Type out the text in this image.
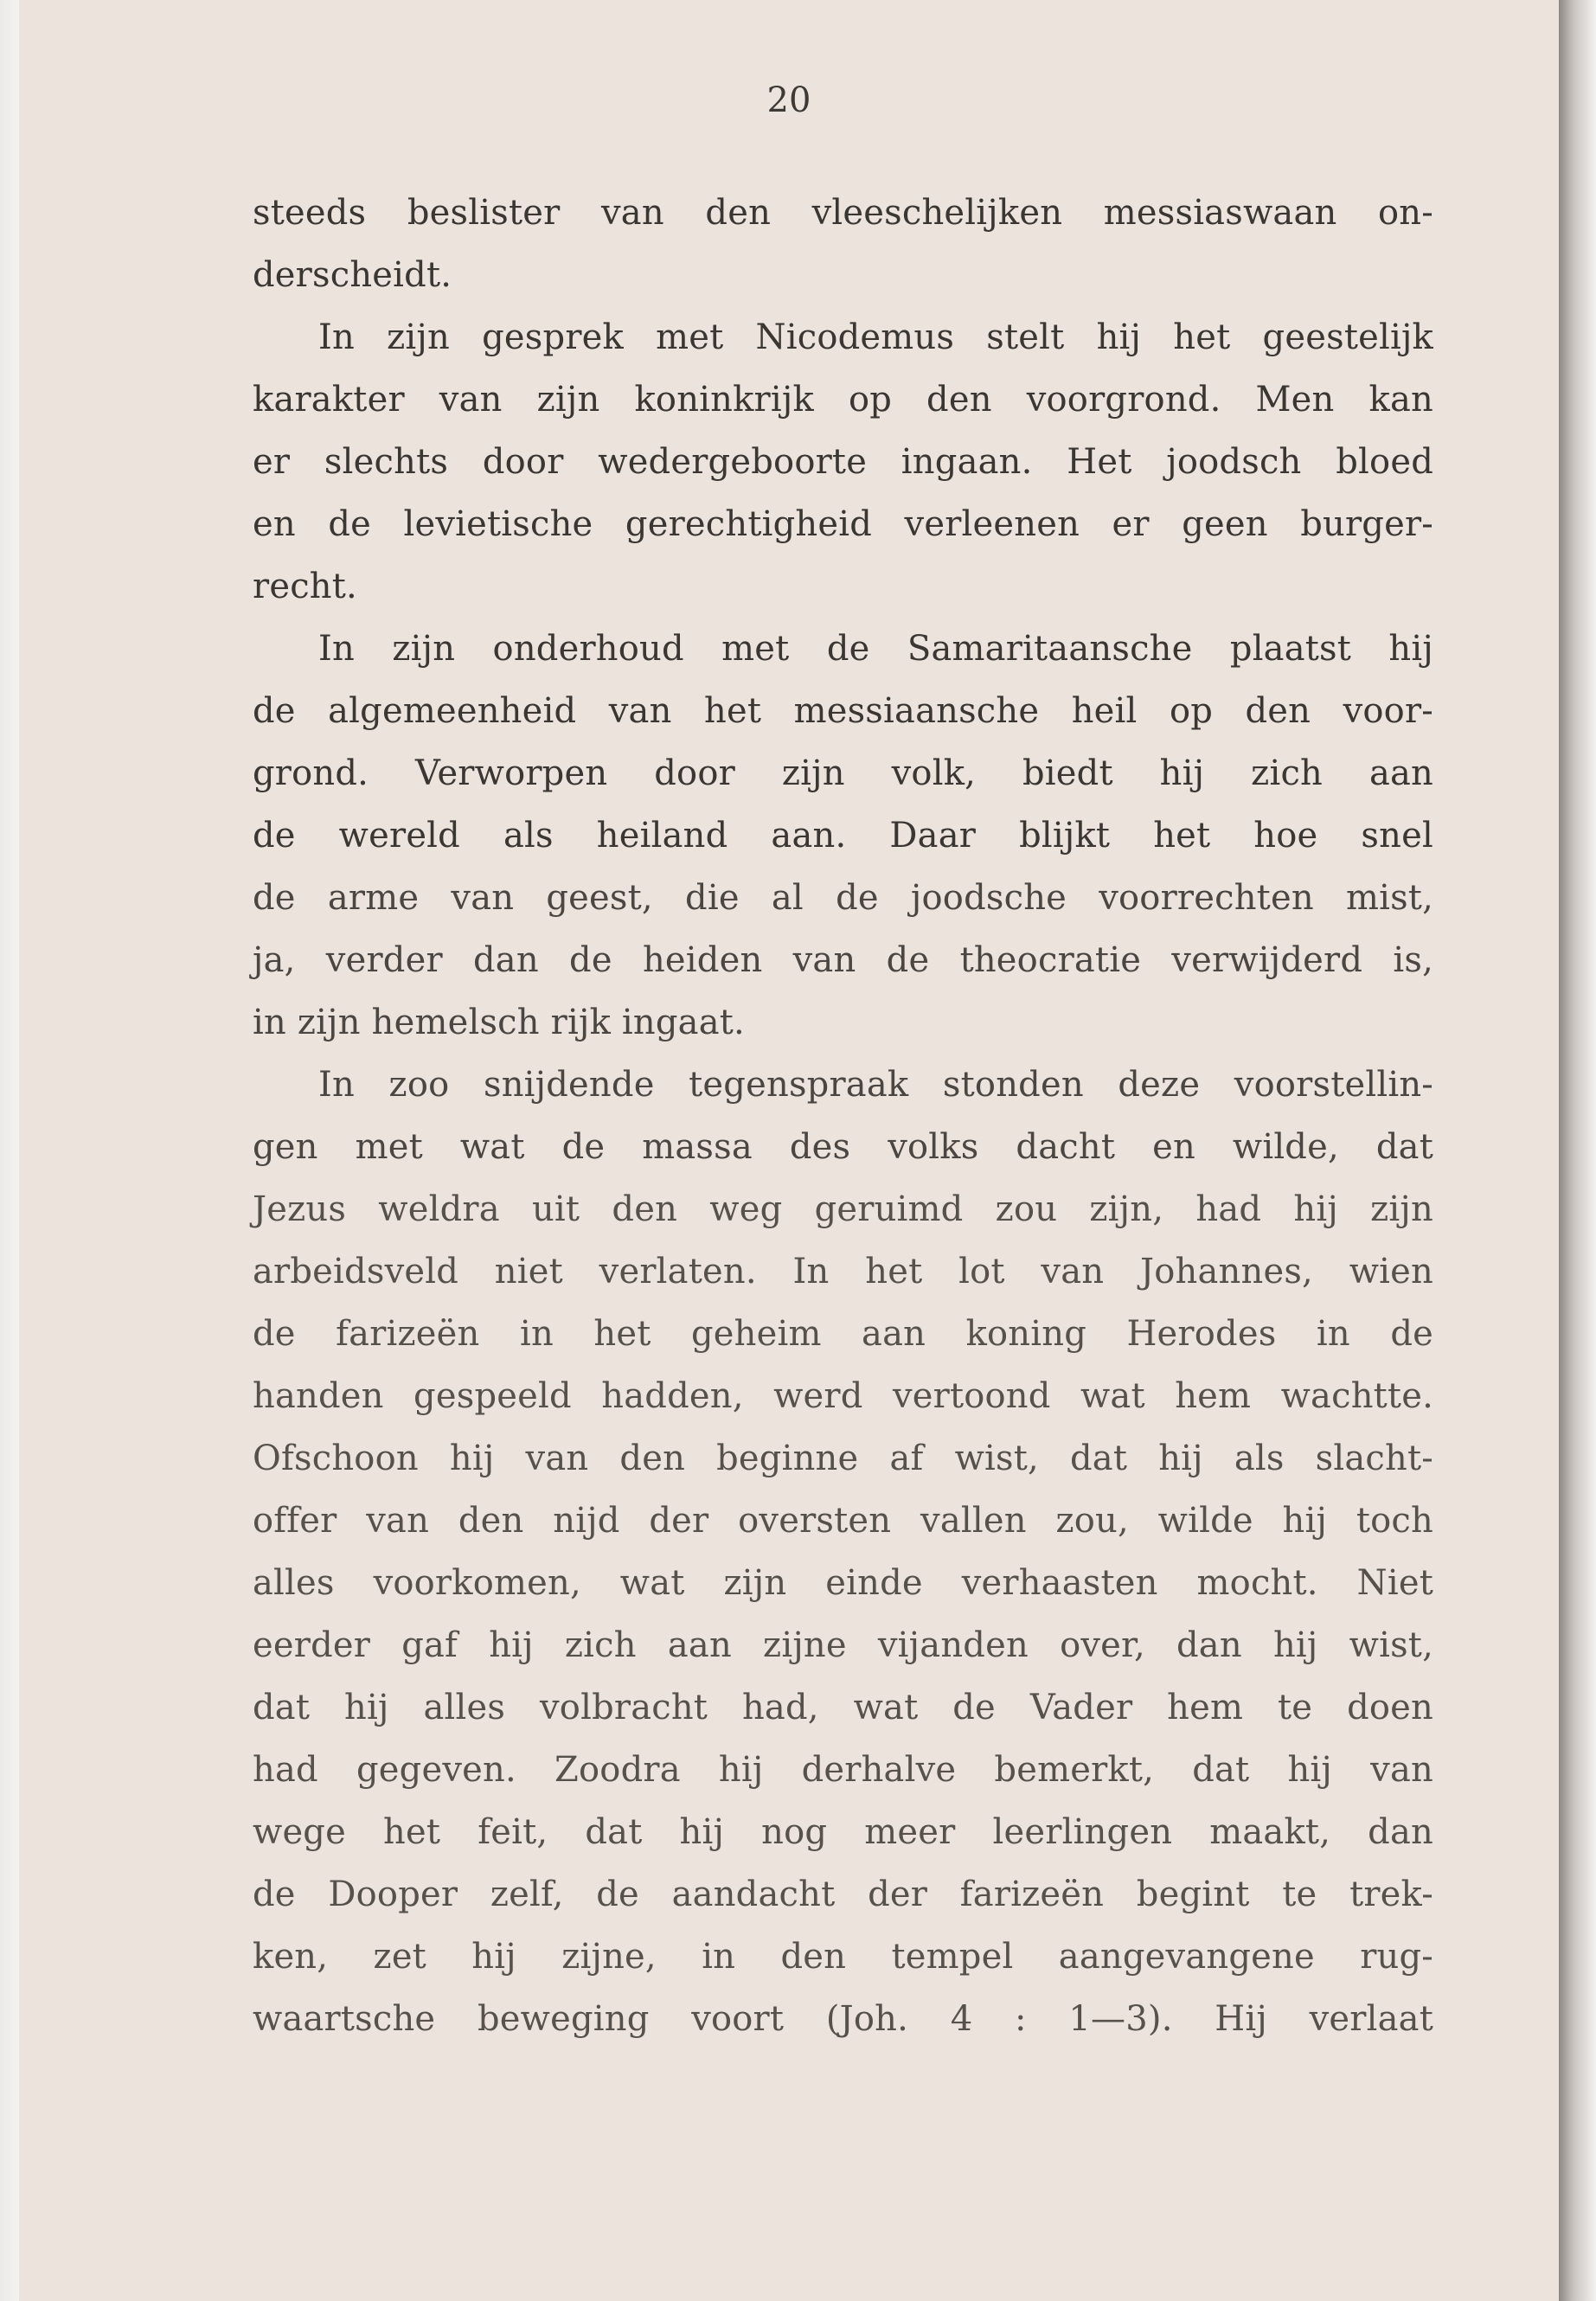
20
steeds beslister van den vleeschelijken messiaswaan on-
derscheidt.
In zijn gesprek met Nicodemus stelt hij het geestelijk
karakter van zijn koninkrijk op den voorgrond. Men kan
er slechts door wedergeboorte ingaan. Het joodsch bloed
en de levietische gerechtigheid verleenen er geen burger-
recht.
In zijn onderhoud met de Samaritaansche plaatst hij
de algemeenheid van het messiaansche heil op den voor-
grond. Verworpen door zijn volk, biedt hij zich aan
de wereld als heiland aan. Daar blijkt het hoe snel
de arme van geest, die al de joodsche voorrechten mist,
ja, verder dan de heiden van de theocratie verwijderd is,
in zijn hemelsch rijk ingaat.
In zoo snijdende tegenspraak stonden deze voorstellin-
gen met wat de massa des volks dacht en wilde, dat
Jezus weldra uit den weg geruimd zou zijn, had hij zijn
arbeidsveld niet verlaten. In het lot van Johannes, wien
de farizeën in het geheim aan koning Herodes in de
handen gespeeld hadden, werd vertoond wat hem wachtte.
Ofschoon hij van den beginne af wist, dat hij als slacht-
offer van den nijd der oversten vallen zou, wilde hij toch
alles voorkomen, wat zijn einde verhaasten mocht. Niet
eerder gaf hij zich aan zijne vijanden over, dan hij wist,
dat hij alles volbracht had, wat de Vader hem te doen
had gegeven. Zoodra hij derhalve bemerkt, dat hij van
wege het feit, dat hij nog meer leerlingen maakt, dan
de Dooper zelf, de aandacht der farizeën begint te trek-
ken, zet hij zijne, in den tempel aangevangene rug-
waartsche beweging voort (Joh. 4 : 1—3). Hij verlaat
